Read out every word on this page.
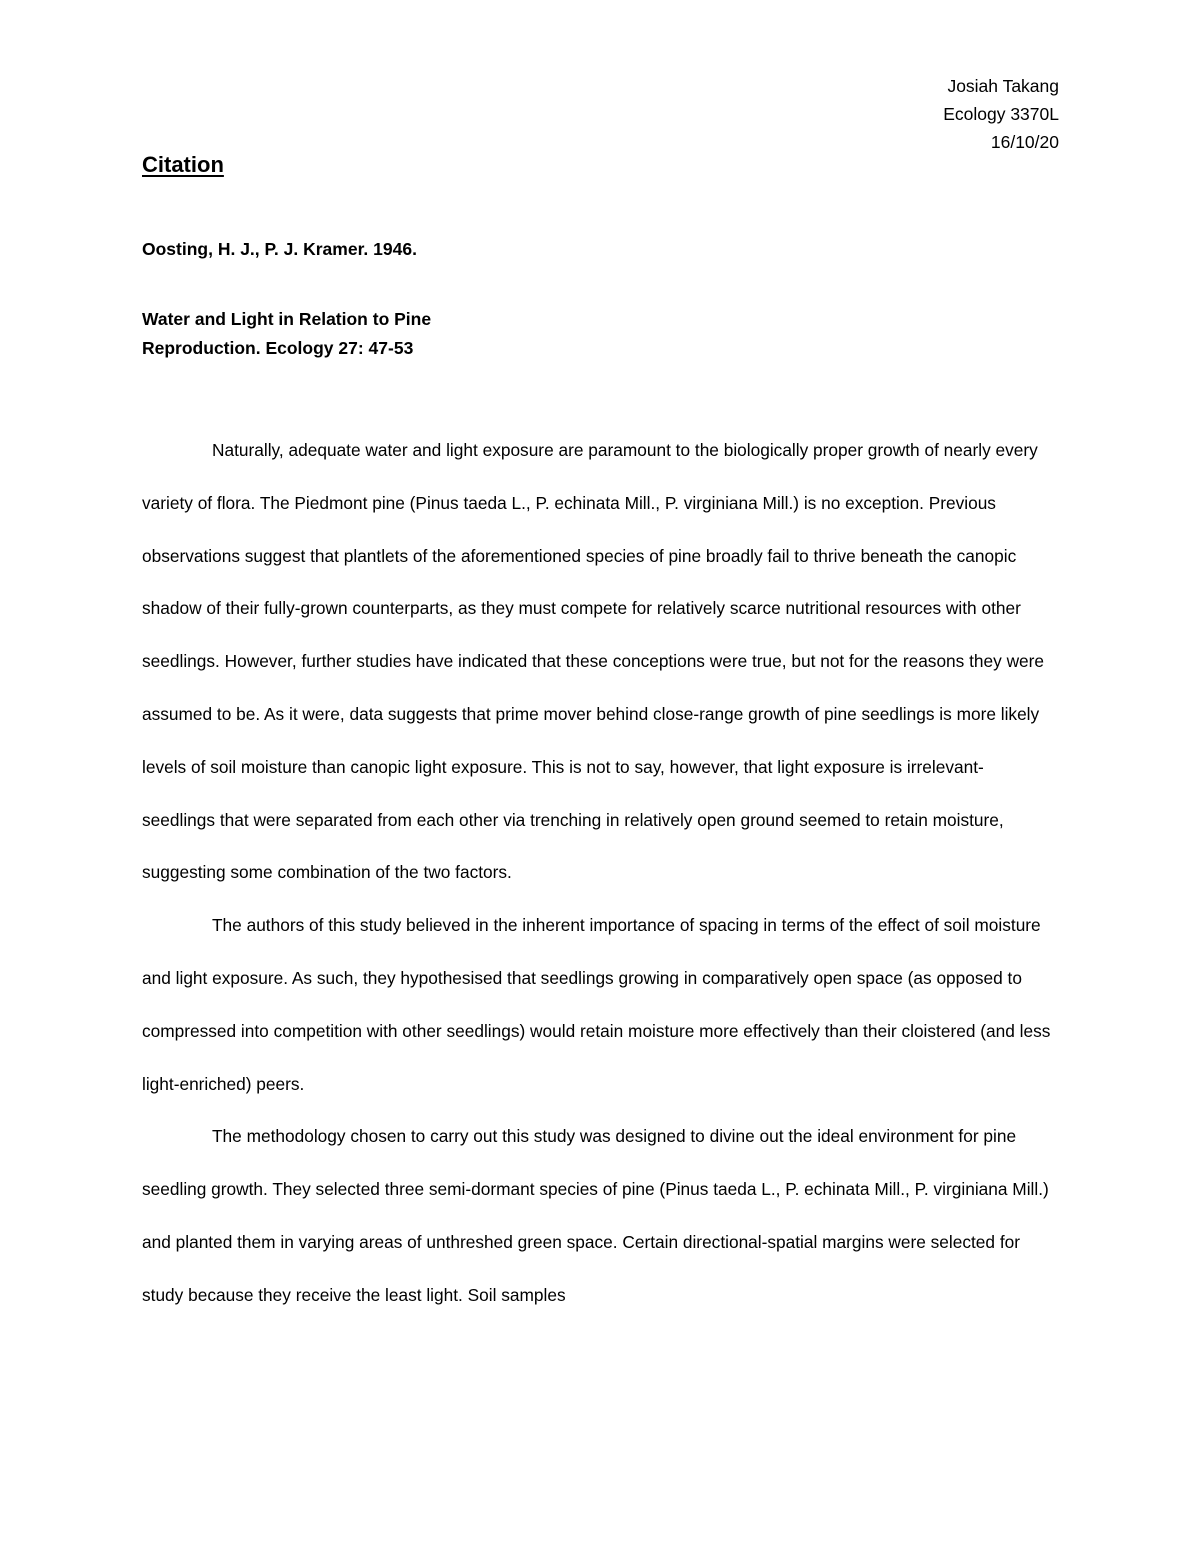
Josiah Takang
Ecology 3370L
16/10/20
Citation
Oosting, H. J., P. J. Kramer. 1946.
Water and Light in Relation to Pine
Reproduction. Ecology 27: 47-53

Naturally, adequate water and light exposure are paramount to the biologically proper growth of nearly every variety of flora. The Piedmont pine (Pinus taeda L., P. echinata Mill., P. virginiana Mill.) is no exception. Previous observations suggest that plantlets of the aforementioned species of pine broadly fail to thrive beneath the canopic shadow of their fully-grown counterparts, as they must compete for relatively scarce nutritional resources with other seedlings. However, further studies have indicated that these conceptions were true, but not for the reasons they were assumed to be. As it were, data suggests that prime mover behind close-range growth of pine seedlings is more likely levels of soil moisture than canopic light exposure. This is not to say, however, that light exposure is irrelevant- seedlings that were separated from each other via trenching in relatively open ground seemed to retain moisture, suggesting some combination of the two factors.

The authors of this study believed in the inherent importance of spacing in terms of the effect of soil moisture and light exposure. As such, they hypothesised that seedlings growing in comparatively open space (as opposed to compressed into competition with other seedlings) would retain moisture more effectively than their cloistered (and less light-enriched) peers.

The methodology chosen to carry out this study was designed to divine out the ideal environment for pine seedling growth. They selected three semi-dormant species of pine (Pinus taeda L., P. echinata Mill., P. virginiana Mill.) and planted them in varying areas of unthreshed green space. Certain directional-spatial margins were selected for study because they receive the least light. Soil samples
